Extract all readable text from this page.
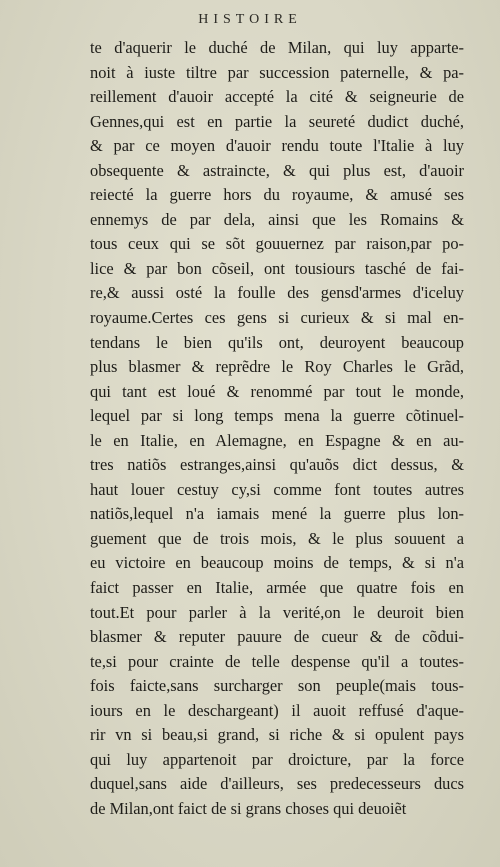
HISTOIRE
te d'aquerir le duché de Milan, qui luy apparte-
noit à iuste tiltre par succession paternelle, & pa-
reillement d'auoir accepté la cité & seigneurie de
Gennes,qui est en partie la seureté dudict duché,
& par ce moyen d'auoir rendu toute l'Italie à luy
obsequente & astraincte, & qui plus est, d'auoir
reiecté la guerre hors du royaume, & amusé ses
ennemys de par dela, ainsi que les Romains &
tous ceux qui se sõt gouuernez par raison,par po-
lice & par bon cõseil, ont tousiours tasché de fai-
re,& aussi osté la foulle des gensd'armes d'iceluy
royaume.Certes ces gens si curieux & si mal en-
tendans le bien qu'ils ont, deuroyent beaucoup
plus blasmer & reprẽdre le Roy Charles le Grãd,
qui tant est loué & renommé par tout le monde,
lequel par si long temps mena la guerre cõtinuel-
le en Italie, en Alemagne, en Espagne & en au-
tres natiõs estranges,ainsi qu'auõs dict dessus, &
haut louer cestuy cy,si comme font toutes autres
natiõs,lequel n'a iamais mené la guerre plus lon-
guement que de trois mois, & le plus souuent a
eu victoire en beaucoup moins de temps, & si n'a
faict passer en Italie, armée que quatre fois en
tout.Et pour parler à la verité,on le deuroit bien
blasmer & reputer pauure de cueur & de cõdui-
te,si pour crainte de telle despense qu'il a toutes-
fois faicte,sans surcharger son peuple(mais tous-
iours en le deschargeant) il auoit reffusé d'aque-
rir vn si beau,si grand, si riche & si opulent pays
qui luy appartenoit par droicture, par la force
duquel,sans aide d'ailleurs, ses predecesseurs ducs
de Milan,ont faict de si grans choses qui deuoiẽt
